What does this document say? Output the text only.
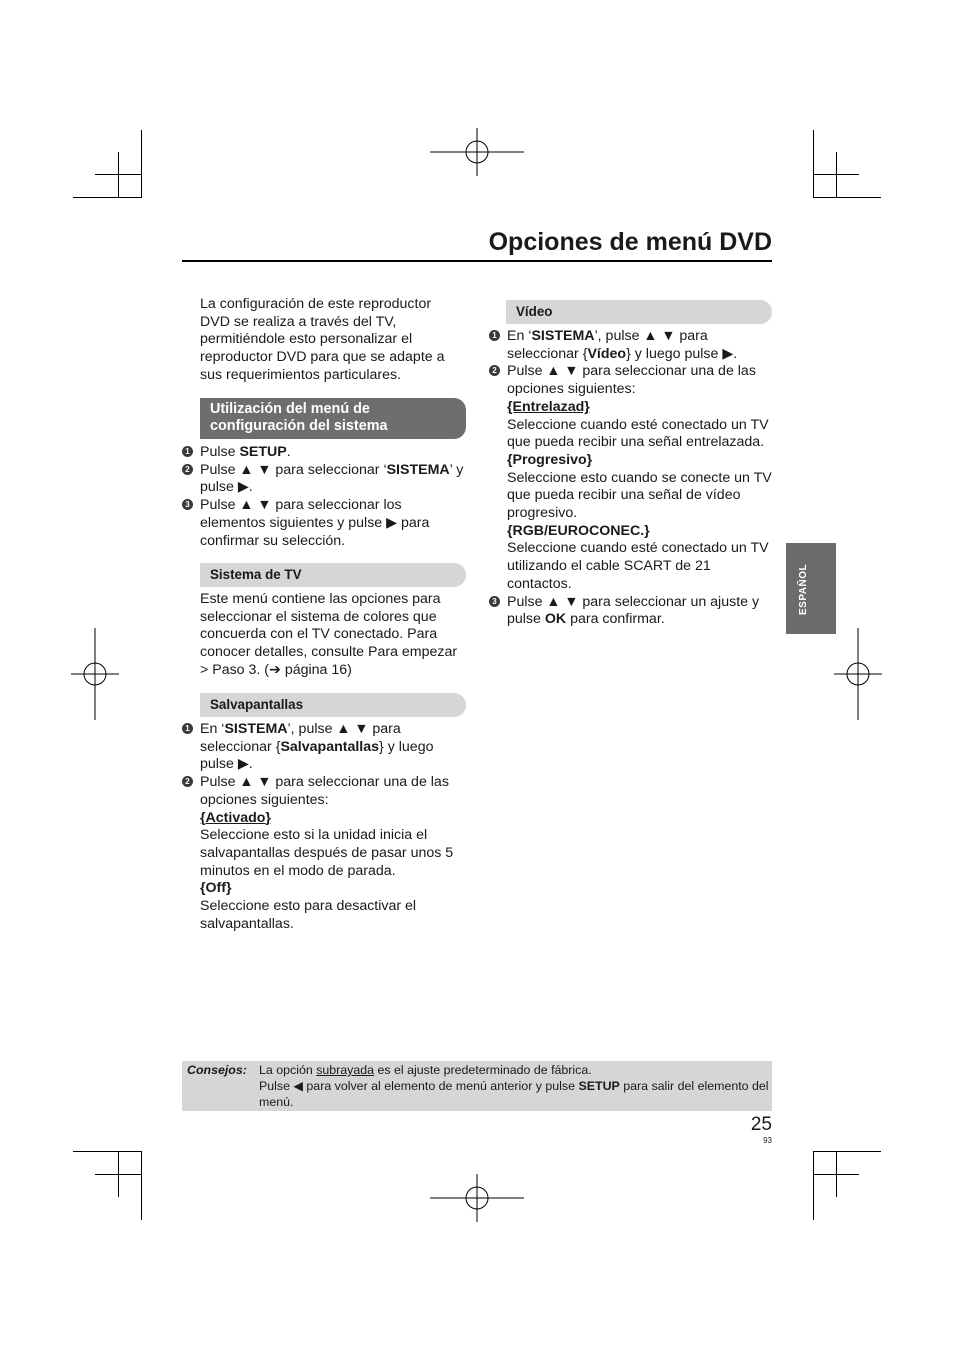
Opciones de menú DVD

La configuración de este reproductor DVD se realiza a través del TV, permitiéndole esto personalizar el reproductor DVD para que se adapte a sus requerimientos particulares.

Utilización del menú de
configuración del sistema

1 Pulse SETUP.

2 Pulse ▲ ▼ para seleccionar ‘SISTEMA’ y pulse ▶.

3 Pulse ▲ ▼ para seleccionar los elementos siguientes y pulse ▶ para confirmar su selección.

Sistema de TV

Este menú contiene las opciones para seleccionar el sistema de colores que concuerda con el TV conectado. Para conocer detalles, consulte Para empezar > Paso 3. (➔ página 16)

Salvapantallas

1 En ‘SISTEMA’, pulse ▲ ▼ para seleccionar {Salvapantallas} y luego pulse ▶.

2 Pulse ▲ ▼ para seleccionar una de las opciones siguientes:

{Activado}

Seleccione esto si la unidad inicia el salvapantallas después de pasar unos 5 minutos en el modo de parada.

{Off}

Seleccione esto para desactivar el salvapantallas.

Vídeo

1 En ‘SISTEMA’, pulse ▲ ▼ para seleccionar {Vídeo} y luego pulse ▶.

2 Pulse ▲ ▼ para seleccionar una de las opciones siguientes:

{Entrelazad}

Seleccione cuando esté conectado un TV que pueda recibir una señal entrelazada.

{Progresivo}

Seleccione esto cuando se conecte un TV que pueda recibir una señal de vídeo progresivo.

{RGB/EUROCONEC.}

Seleccione cuando esté conectado un TV utilizando el cable SCART de 21 contactos.

3 Pulse ▲ ▼ para seleccionar un ajuste y pulse OK para confirmar.

ESPAÑOL
Consejos: La opción subrayada es el ajuste predeterminado de fábrica.
Pulse ◀ para volver al elemento de menú anterior y pulse SETUP para salir del elemento del menú.
25
93
